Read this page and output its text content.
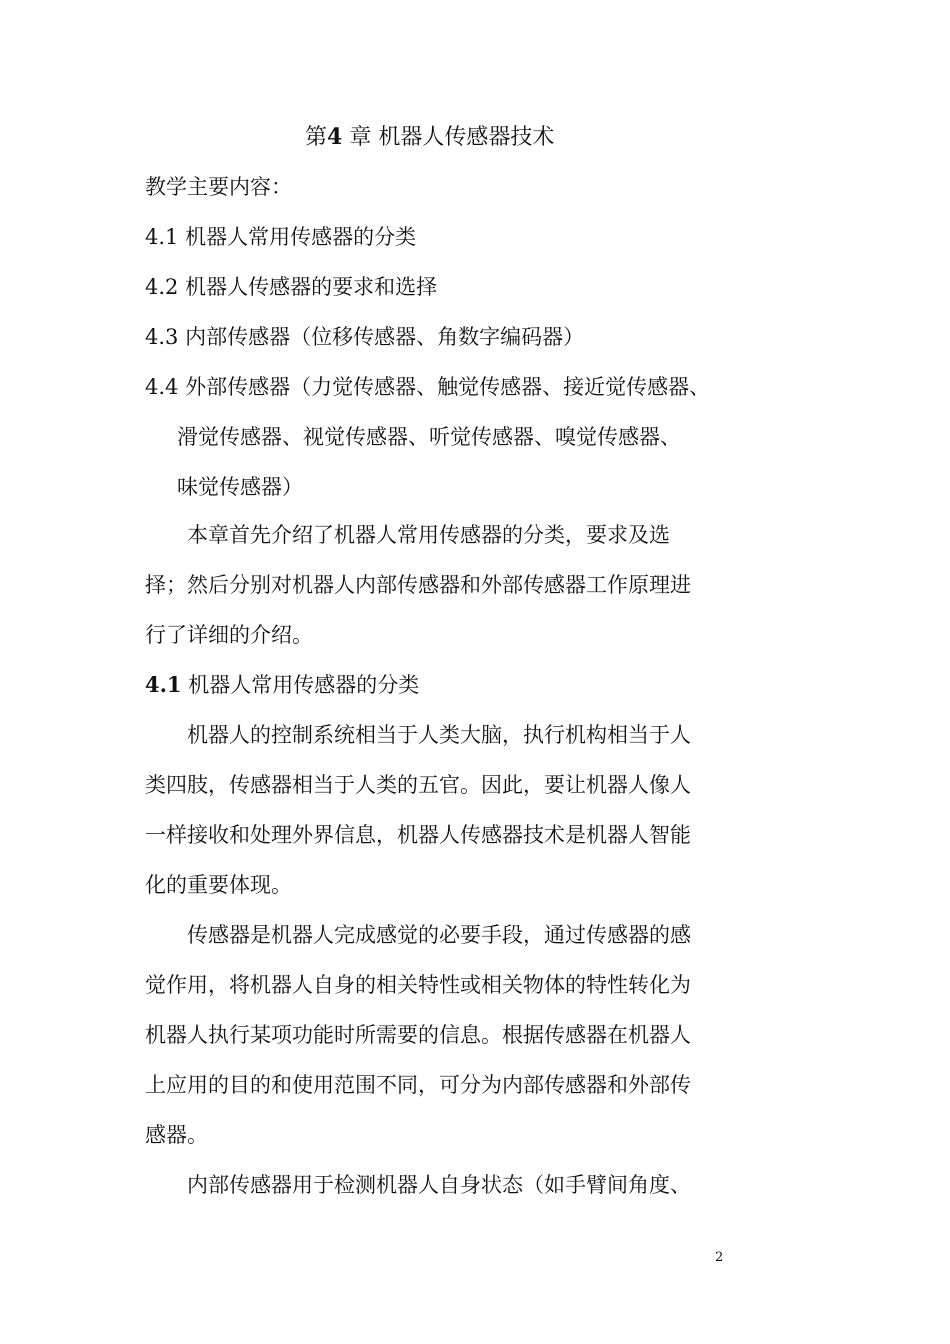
第4 章 机器人传感器技术
教学主要内容：
4.1 机器人常用传感器的分类
4.2 机器人传感器的要求和选择
4.3 内部传感器（位移传感器、角数字编码器）
4.4 外部传感器（力觉传感器、触觉传感器、接近觉传感器、
滑觉传感器、视觉传感器、听觉传感器、嗅觉传感器、
味觉传感器）
本章首先介绍了机器人常用传感器的分类，要求及选
择；然后分别对机器人内部传感器和外部传感器工作原理进
行了详细的介绍。
4.1 机器人常用传感器的分类
机器人的控制系统相当于人类大脑，执行机构相当于人
类四肢，传感器相当于人类的五官。因此，要让机器人像人
一样接收和处理外界信息，机器人传感器技术是机器人智能
化的重要体现。
传感器是机器人完成感觉的必要手段，通过传感器的感
觉作用，将机器人自身的相关特性或相关物体的特性转化为
机器人执行某项功能时所需要的信息。根据传感器在机器人
上应用的目的和使用范围不同，可分为内部传感器和外部传
感器。
内部传感器用于检测机器人自身状态（如手臂间角度、
2
